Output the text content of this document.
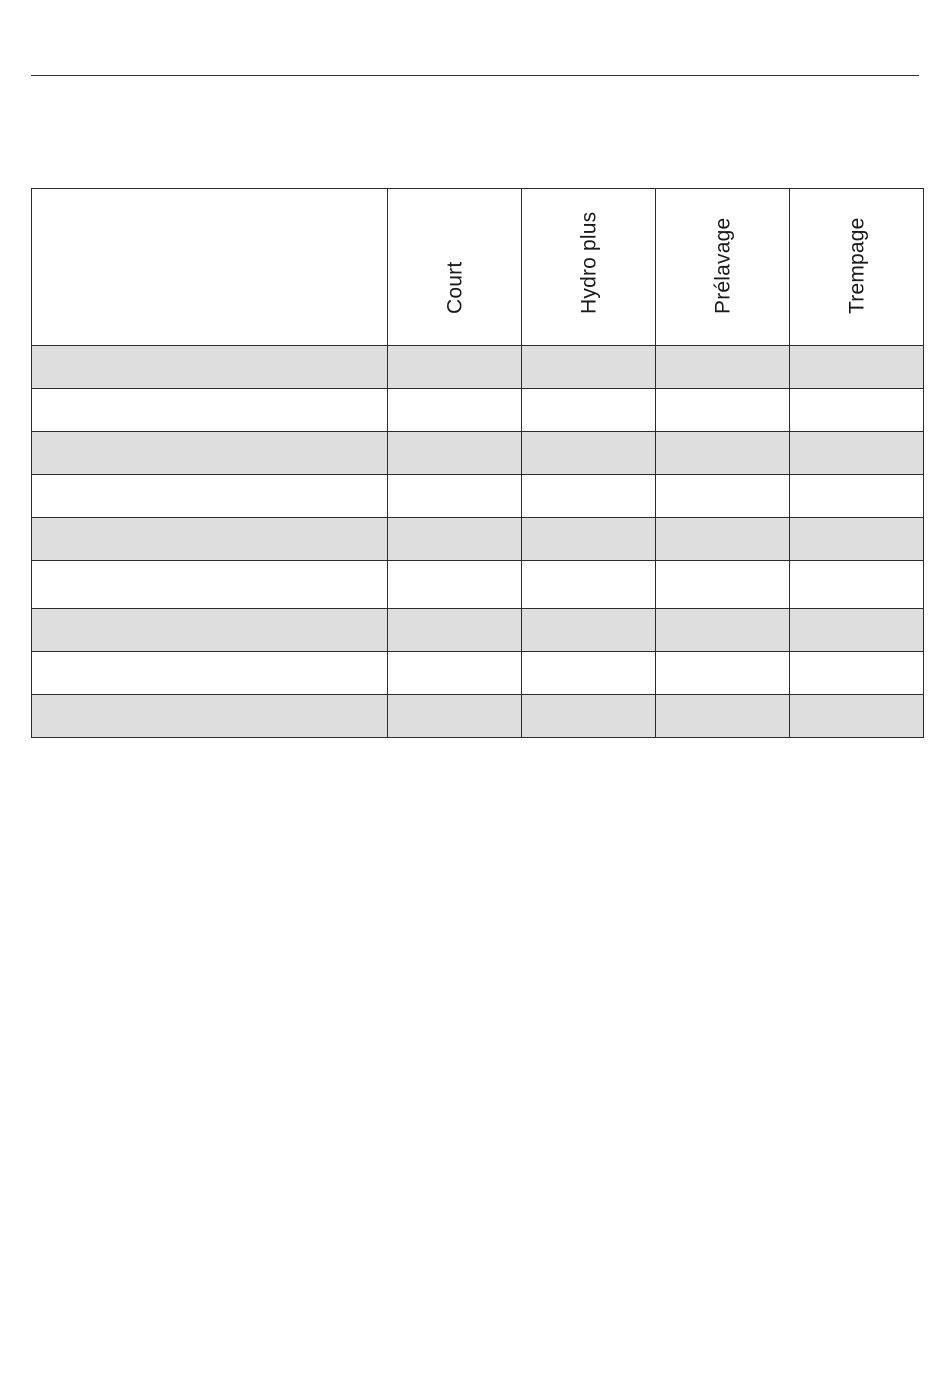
	Court	Hydro plus	Prélavage	Trempage
